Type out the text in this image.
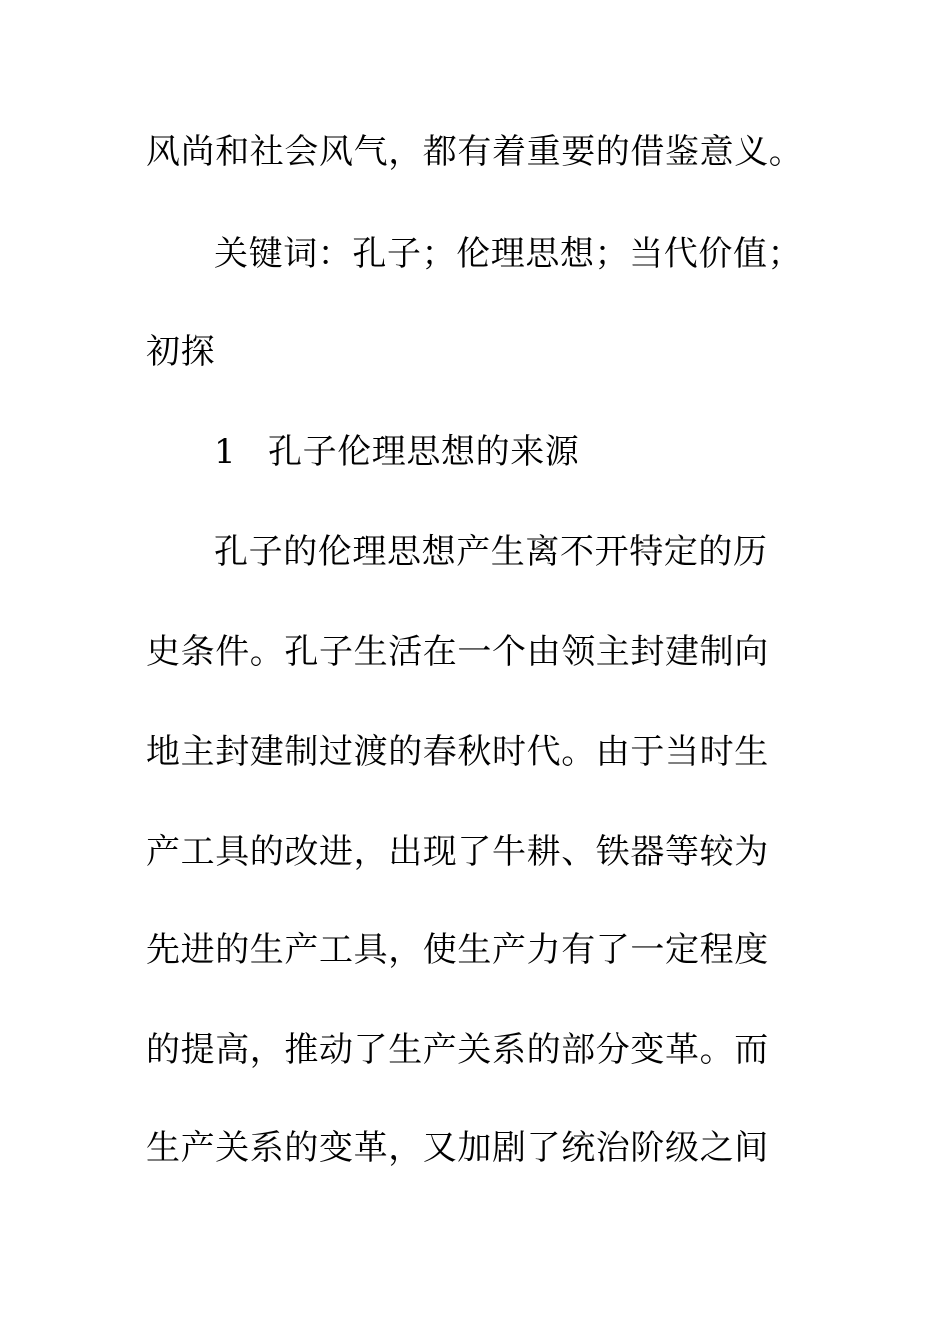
风尚和社会风气，都有着重要的借鉴意义。
关键词：孔子；伦理思想；当代价值；
初探
1 孔子伦理思想的来源
孔子的伦理思想产生离不开特定的历
史条件。孔子生活在一个由领主封建制向
地主封建制过渡的春秋时代。由于当时生
产工具的改进，出现了牛耕、铁器等较为
先进的生产工具，使生产力有了一定程度
的提高，推动了生产关系的部分变革。而
生产关系的变革，又加剧了统治阶级之间
